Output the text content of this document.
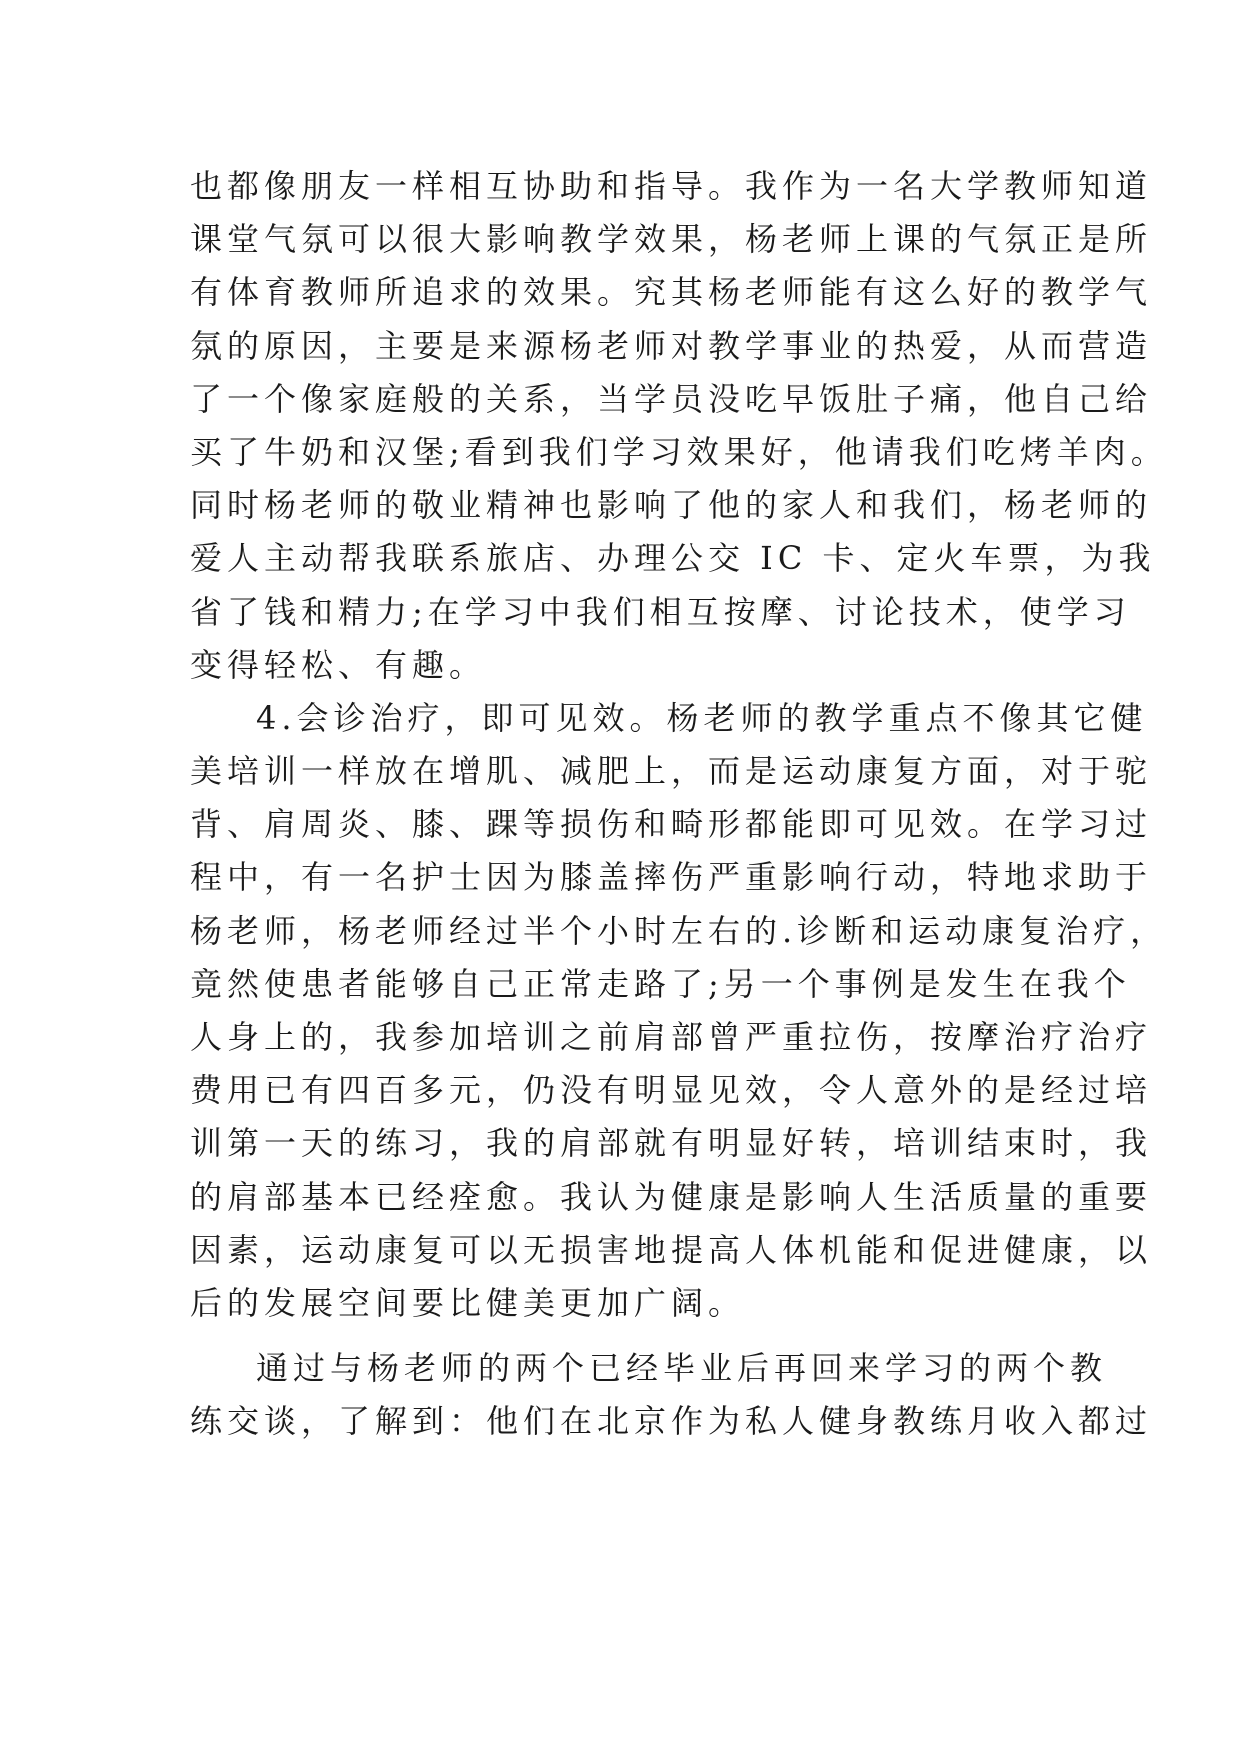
也都像朋友一样相互协助和指导。我作为一名大学教师知道
课堂气氛可以很大影响教学效果，杨老师上课的气氛正是所
有体育教师所追求的效果。究其杨老师能有这么好的教学气
氛的原因，主要是来源杨老师对教学事业的热爱，从而营造
了一个像家庭般的关系，当学员没吃早饭肚子痛，他自己给
买了牛奶和汉堡;看到我们学习效果好，他请我们吃烤羊肉。
同时杨老师的敬业精神也影响了他的家人和我们，杨老师的
爱人主动帮我联系旅店、办理公交 IC 卡、定火车票，为我
省了钱和精力;在学习中我们相互按摩、讨论技术，使学习
变得轻松、有趣。
4.会诊治疗，即可见效。杨老师的教学重点不像其它健
美培训一样放在增肌、减肥上，而是运动康复方面，对于驼
背、肩周炎、膝、踝等损伤和畸形都能即可见效。在学习过
程中，有一名护士因为膝盖摔伤严重影响行动，特地求助于
杨老师，杨老师经过半个小时左右的.诊断和运动康复治疗，
竟然使患者能够自己正常走路了;另一个事例是发生在我个
人身上的，我参加培训之前肩部曾严重拉伤，按摩治疗治疗
费用已有四百多元，仍没有明显见效，令人意外的是经过培
训第一天的练习，我的肩部就有明显好转，培训结束时，我
的肩部基本已经痊愈。我认为健康是影响人生活质量的重要
因素，运动康复可以无损害地提高人体机能和促进健康，以
后的发展空间要比健美更加广阔。
通过与杨老师的两个已经毕业后再回来学习的两个教
练交谈，了解到：他们在北京作为私人健身教练月收入都过
